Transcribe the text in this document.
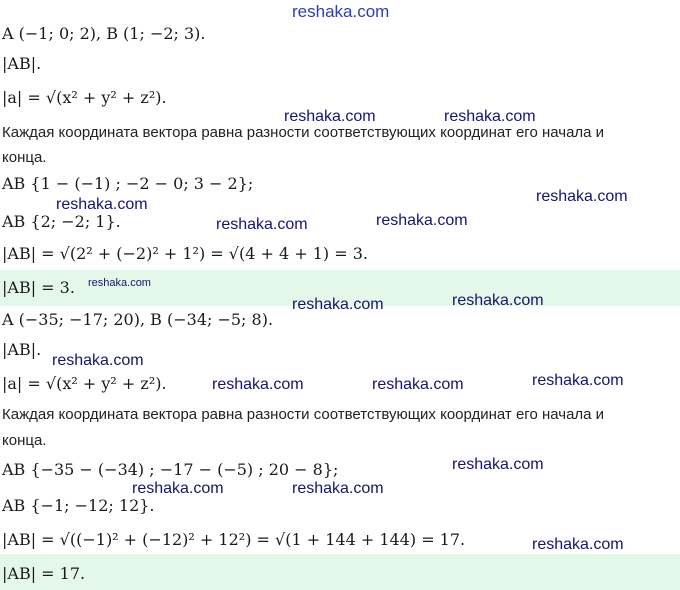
reshaka.com
reshaka.com	reshaka.com
reshaka.com
reshaka.com
reshaka.com	reshaka.com
reshaka.com
reshaka.com	reshaka.com
reshaka.com
reshaka.com	reshaka.com	reshaka.com
reshaka.com
reshaka.com	reshaka.com
reshaka.com
A (−1; 0; 2), B (1; −2; 3).
|AB|.
|a| = √(x² + y² + z²).
Каждая координата вектора равна разности соответствующих координат его начала и
конца.
AB {1 − (−1) ; −2 − 0; 3 − 2};
AB {2; −2; 1}.
|AB| = √(2² + (−2)² + 1²) = √(4 + 4 + 1) = 3.
|AB| = 3.
A (−35; −17; 20), B (−34; −5; 8).
|AB|.
|a| = √(x² + y² + z²).
Каждая координата вектора равна разности соответствующих координат его начала и
конца.
AB {−35 − (−34) ; −17 − (−5) ; 20 − 8};
AB {−1; −12; 12}.
|AB| = √((−1)² + (−12)² + 12²) = √(1 + 144 + 144) = 17.
|AB| = 17.
